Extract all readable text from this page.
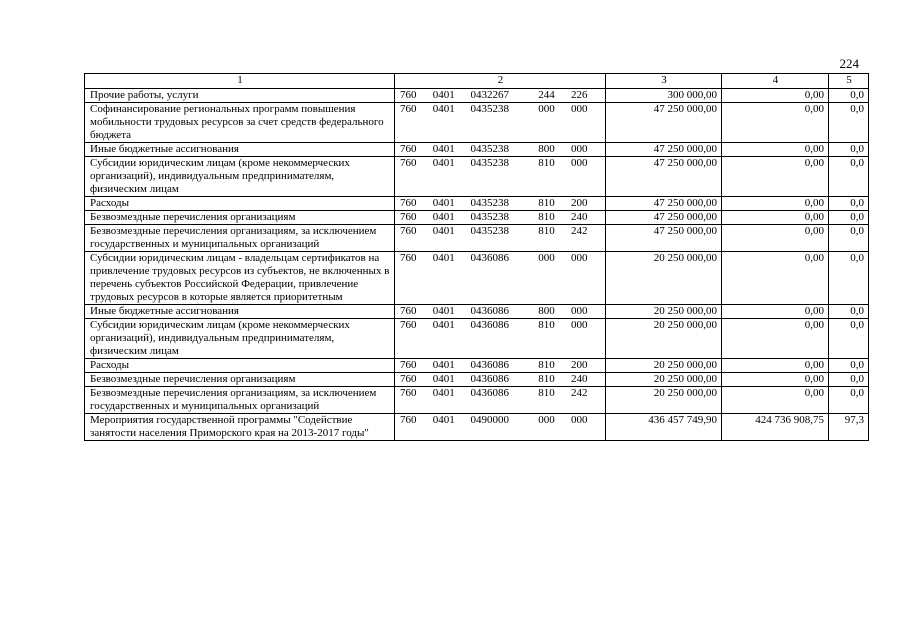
224
1	2	3	4	5
Прочие работы, услуги	760 0401 0432267 244 226	300 000,00	0,00	0,0
Софинансирование региональных программ повышения мобильности трудовых ресурсов за счет средств федерального бюджета	760 0401 0435238 000 000	47 250 000,00	0,00	0,0
Иные бюджетные ассигнования	760 0401 0435238 800 000	47 250 000,00	0,00	0,0
Субсидии юридическим лицам (кроме некоммерческих организаций), индивидуальным предпринимателям, физическим лицам	760 0401 0435238 810 000	47 250 000,00	0,00	0,0
Расходы	760 0401 0435238 810 200	47 250 000,00	0,00	0,0
Безвозмездные перечисления организациям	760 0401 0435238 810 240	47 250 000,00	0,00	0,0
Безвозмездные перечисления организациям, за исключением государственных и муниципальных организаций	760 0401 0435238 810 242	47 250 000,00	0,00	0,0
Субсидии юридическим лицам - владельцам сертификатов на привлечение трудовых ресурсов из субъектов, не включенных в перечень субъектов Российской Федерации, привлечение трудовых ресурсов в которые является приоритетным	760 0401 0436086 000 000	20 250 000,00	0,00	0,0
Иные бюджетные ассигнования	760 0401 0436086 800 000	20 250 000,00	0,00	0,0
Субсидии юридическим лицам (кроме некоммерческих организаций), индивидуальным предпринимателям, физическим лицам	760 0401 0436086 810 000	20 250 000,00	0,00	0,0
Расходы	760 0401 0436086 810 200	20 250 000,00	0,00	0,0
Безвозмездные перечисления организациям	760 0401 0436086 810 240	20 250 000,00	0,00	0,0
Безвозмездные перечисления организациям, за исключением государственных и муниципальных организаций	760 0401 0436086 810 242	20 250 000,00	0,00	0,0
Мероприятия государственной программы "Содействие занятости населения Приморского края на 2013-2017 годы"	760 0401 0490000 000 000	436 457 749,90	424 736 908,75	97,3
